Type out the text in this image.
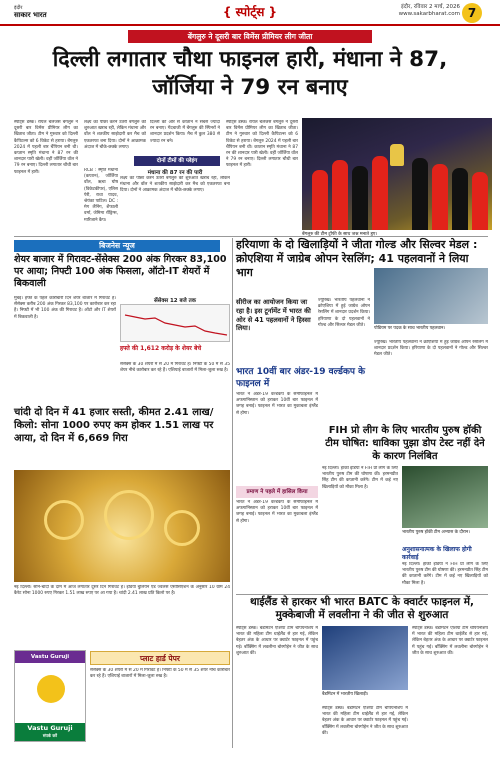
इंदौर
साकार भारत	{ स्पोर्ट्स }	इंदौर, रविवार 2 मार्च, 2026
www.sakarbharat.com 7
बेंगलुरु ने दूसरी बार विमेंस प्रीमियर लीग जीता
दिल्ली लगातार चौथा फाइनल हारी, मंधाना ने 87, जॉर्जिया ने 79 रन बनाए
स्पोर्ट्स डेस्क। रॉयल चैलेंजर्स बेंगलुरु ने दूसरी बार विमेंस प्रीमियर लीग का खिताब जीता। टीम ने गुरुवार को दिल्ली कैपिटल्स को 6 विकेट से हराया। बेंगलुरु 2024 में पहली बार चैंपियन बनी थी। कप्तान स्मृति मंधाना ने 87 रन की शानदार पारी खेली। वहीं जॉर्जिया वॉल ने 79 रन बनाए। दिल्ली लगातार चौथी बार फाइनल में हारी।
लक्ष्य का पीछा करने उतरी बेंगलुरु की शुरुआत खराब रही, लेकिन मंधाना और वॉल ने शतकीय साझेदारी कर मैच को एकतरफा बना दिया। दोनों ने आक्रामक अंदाज में चौके-छक्के लगाए।
दिल्ली की ओर से कप्तान ने सबसे ज्यादा रन बनाए। गेंदबाजी में बेंगलुरु की स्पिनरों ने शानदार प्रदर्शन किया। मैच में कुल 380 से ज्यादा रन बने।
दोनों टीमों की प्लेइंग
RCB : स्मृति मंधाना (कप्तान), जॉर्जिया वॉल, ऋचा घोष (विकेटकीपर), एलिस पेरी, राधा यादव, श्रेयंका पाटिल। DC : मेग लैनिंग, शैफाली वर्मा, जेमिमा रॉड्रिग्स, मारिजाने कैप।
मंधाना की 87 रन की पारी
लक्ष्य का पीछा करने उतरी बेंगलुरु की शुरुआत खराब रही, लेकिन मंधाना और वॉल ने शतकीय साझेदारी कर मैच को एकतरफा बना दिया। दोनों ने आक्रामक अंदाज में चौके-छक्के लगाए।
स्पोर्ट्स डेस्क। रॉयल चैलेंजर्स बेंगलुरु ने दूसरी बार विमेंस प्रीमियर लीग का खिताब जीता। टीम ने गुरुवार को दिल्ली कैपिटल्स को 6 विकेट से हराया। बेंगलुरु 2024 में पहली बार चैंपियन बनी थी। कप्तान स्मृति मंधाना ने 87 रन की शानदार पारी खेली। वहीं जॉर्जिया वॉल ने 79 रन बनाए। दिल्ली लगातार चौथी बार फाइनल में हारी।
बेंगलुरु की टीम ट्रॉफी के साथ जश्न मनाते हुए।
बिजनेस न्यूज
शेयर बाजार में गिरावट-सेंसेक्स 200 अंक गिरकर 83,100 पर आया; निफ्टी 100 अंक फिसला, ऑटो-IT शेयरों में बिकवाली
मुंबई। हफ्ते के पहले कारोबारी दिन शेयर बाजार में गिरावट है। सेंसेक्स करीब 200 अंक गिरकर 83,100 पर कारोबार कर रहा है। निफ्टी में भी 100 अंक की गिरावट है। ऑटो और IT शेयरों में बिकवाली है।
सेंसेक्स 12 बजे तक
हफ्ते की 1,612 करोड़ के शेयर बेचे
सेंसेक्स के 30 शेयरों में से 20 में गिरावट है। निफ्टी के 50 में से 35 शेयर नीचे कारोबार कर रहे हैं। एशियाई बाजारों में मिला-जुला रुख है।
चांदी दो दिन में 41 हजार सस्ती, कीमत 2.41 लाख/किलो: सोना 1000 रुपए कम होकर 1.51 लाख पर आया, दो दिन में 6,669 गिरा
नई दिल्ली। सोने-चांदी के दाम में आज लगातार दूसरे दिन गिरावट है। इंडिया बुलियन एंड ज्वैलर्स एसोसिएशन के अनुसार 10 ग्राम 24 कैरेट सोना 1000 रुपए गिरकर 1.51 लाख रुपए पर आ गया है। चांदी 2.41 लाख प्रति किलो पर है।
Vastu Guruji
Vastu Guruji
संपर्क करें
प्लाट हार्ड पेपर
सेंसेक्स के 30 शेयरों में से 20 में गिरावट है। निफ्टी के 50 में से 35 शेयर नीचे कारोबार कर रहे हैं। एशियाई बाजारों में मिला-जुला रुख है।
हरियाणा के दो खिलाड़ियों ने जीता गोल्ड और सिल्वर मेडल : क्रोएशिया में जाग्रेब ओपन रेसलिंग; 41 पहलवानों ने लिया भाग
सीरीज का आयोजन किया जा रहा है। इस टूर्नामेंट में भारत की ओर से 41 पहलवानों ने हिस्सा लिया।
ज्यूरिख। भारतीय पहलवानों ने क्रोएशिया में हुई जाग्रेब ओपन रेसलिंग में शानदार प्रदर्शन किया। हरियाणा के दो पहलवानों ने गोल्ड और सिल्वर मेडल जीते।
पोडियम पर पदक के साथ भारतीय पहलवान।
ज्यूरिख। भारतीय पहलवानों ने क्रोएशिया में हुई जाग्रेब ओपन रेसलिंग में शानदार प्रदर्शन किया। हरियाणा के दो पहलवानों ने गोल्ड और सिल्वर मेडल जीते।
भारत 10वीं बार अंडर-19 वर्ल्डकप के फाइनल में
भारत ने अंडर-19 वर्ल्डकप के सेमीफाइनल में अफगानिस्तान को हराकर 10वीं बार फाइनल में जगह बनाई। फाइनल में भारत का मुकाबला इंग्लैंड से होगा।
प्रमाण ने पहले में हासिल किया
भारत ने अंडर-19 वर्ल्डकप के सेमीफाइनल में अफगानिस्तान को हराकर 10वीं बार फाइनल में जगह बनाई। फाइनल में भारत का मुकाबला इंग्लैंड से होगा।
FIH प्रो लीग के लिए भारतीय पुरुष हॉकी टीम घोषित: धाविका पुझा डोप टेस्ट नहीं देने के कारण निलंबित
नई दिल्ली। हॉकी इंडिया ने FIH प्रो लीग के लिए भारतीय पुरुष टीम की घोषणा की। हरमनप्रीत सिंह टीम की कप्तानी करेंगे। टीम में कई नए खिलाड़ियों को मौका मिला है।
भारतीय पुरुष हॉकी टीम अभ्यास के दौरान।
अनुशासनात्मक के खिलाफ होगी कार्रवाई
नई दिल्ली। हॉकी इंडिया ने FIH प्रो लीग के लिए भारतीय पुरुष टीम की घोषणा की। हरमनप्रीत सिंह टीम की कप्तानी करेंगे। टीम में कई नए खिलाड़ियों को मौका मिला है।
थाईलैंड से हारकर भी भारत BATC के क्वार्टर फाइनल में, मुक्केबाजी में लवलीना ने की जीत से शुरुआत
स्पोर्ट्स डेस्क। बैडमिंटन एशिया टीम चैंपियनशिप में भारत की महिला टीम थाईलैंड से हार गई, लेकिन बेहतर अंक के आधार पर क्वार्टर फाइनल में पहुंच गई। बॉक्सिंग में लवलीना बोरगोहेन ने जीत के साथ शुरुआत की।
बैडमिंटन में भारतीय खिलाड़ी।
स्पोर्ट्स डेस्क। बैडमिंटन एशिया टीम चैंपियनशिप में भारत की महिला टीम थाईलैंड से हार गई, लेकिन बेहतर अंक के आधार पर क्वार्टर फाइनल में पहुंच गई। बॉक्सिंग में लवलीना बोरगोहेन ने जीत के साथ शुरुआत की।
स्पोर्ट्स डेस्क। बैडमिंटन एशिया टीम चैंपियनशिप में भारत की महिला टीम थाईलैंड से हार गई, लेकिन बेहतर अंक के आधार पर क्वार्टर फाइनल में पहुंच गई। बॉक्सिंग में लवलीना बोरगोहेन ने जीत के साथ शुरुआत की।
